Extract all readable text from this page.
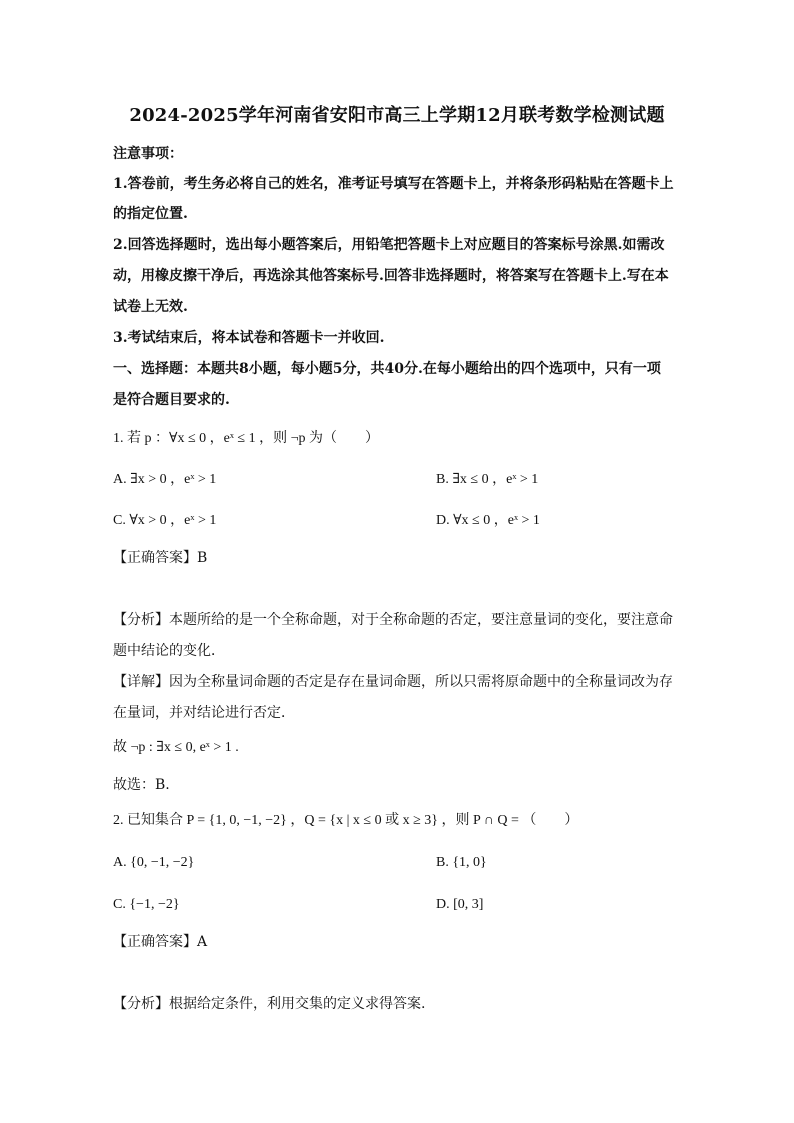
2024-2025学年河南省安阳市高三上学期12月联考数学检测试题
注意事项：
1.答卷前，考生务必将自己的姓名，准考证号填写在答题卡上，并将条形码粘贴在答题卡上
的指定位置.
2.回答选择题时，选出每小题答案后，用铅笔把答题卡上对应题目的答案标号涂黑.如需改
动，用橡皮擦干净后，再选涂其他答案标号.回答非选择题时，将答案写在答题卡上.写在本
试卷上无效.
3.考试结束后，将本试卷和答题卡一并收回.
一、选择题：本题共8小题，每小题5分，共40分.在每小题给出的四个选项中，只有一项
是符合题目要求的.
1. 若 p ：∀x ≤ 0 ，eˣ ≤ 1 ，则 ¬p 为（　　）
A. ∃x > 0 ，eˣ > 1	B. ∃x ≤ 0 ，eˣ > 1
C. ∀x > 0 ，eˣ > 1	D. ∀x ≤ 0 ，eˣ > 1
【正确答案】B
【分析】本题所给的是一个全称命题，对于全称命题的否定，要注意量词的变化，要注意命
题中结论的变化．
【详解】因为全称量词命题的否定是存在量词命题，所以只需将原命题中的全称量词改为存
在量词，并对结论进行否定．
故 ¬p : ∃x ≤ 0, eˣ > 1 .
故选：B.
2. 已知集合 P = {1, 0, −1, −2} ，Q = {x | x ≤ 0 或 x ≥ 3} ，则 P ∩ Q = （　　）
A. {0, −1, −2}	B. {1, 0}
C. {−1, −2}	D. [0, 3]
【正确答案】A
【分析】根据给定条件，利用交集的定义求得答案.
